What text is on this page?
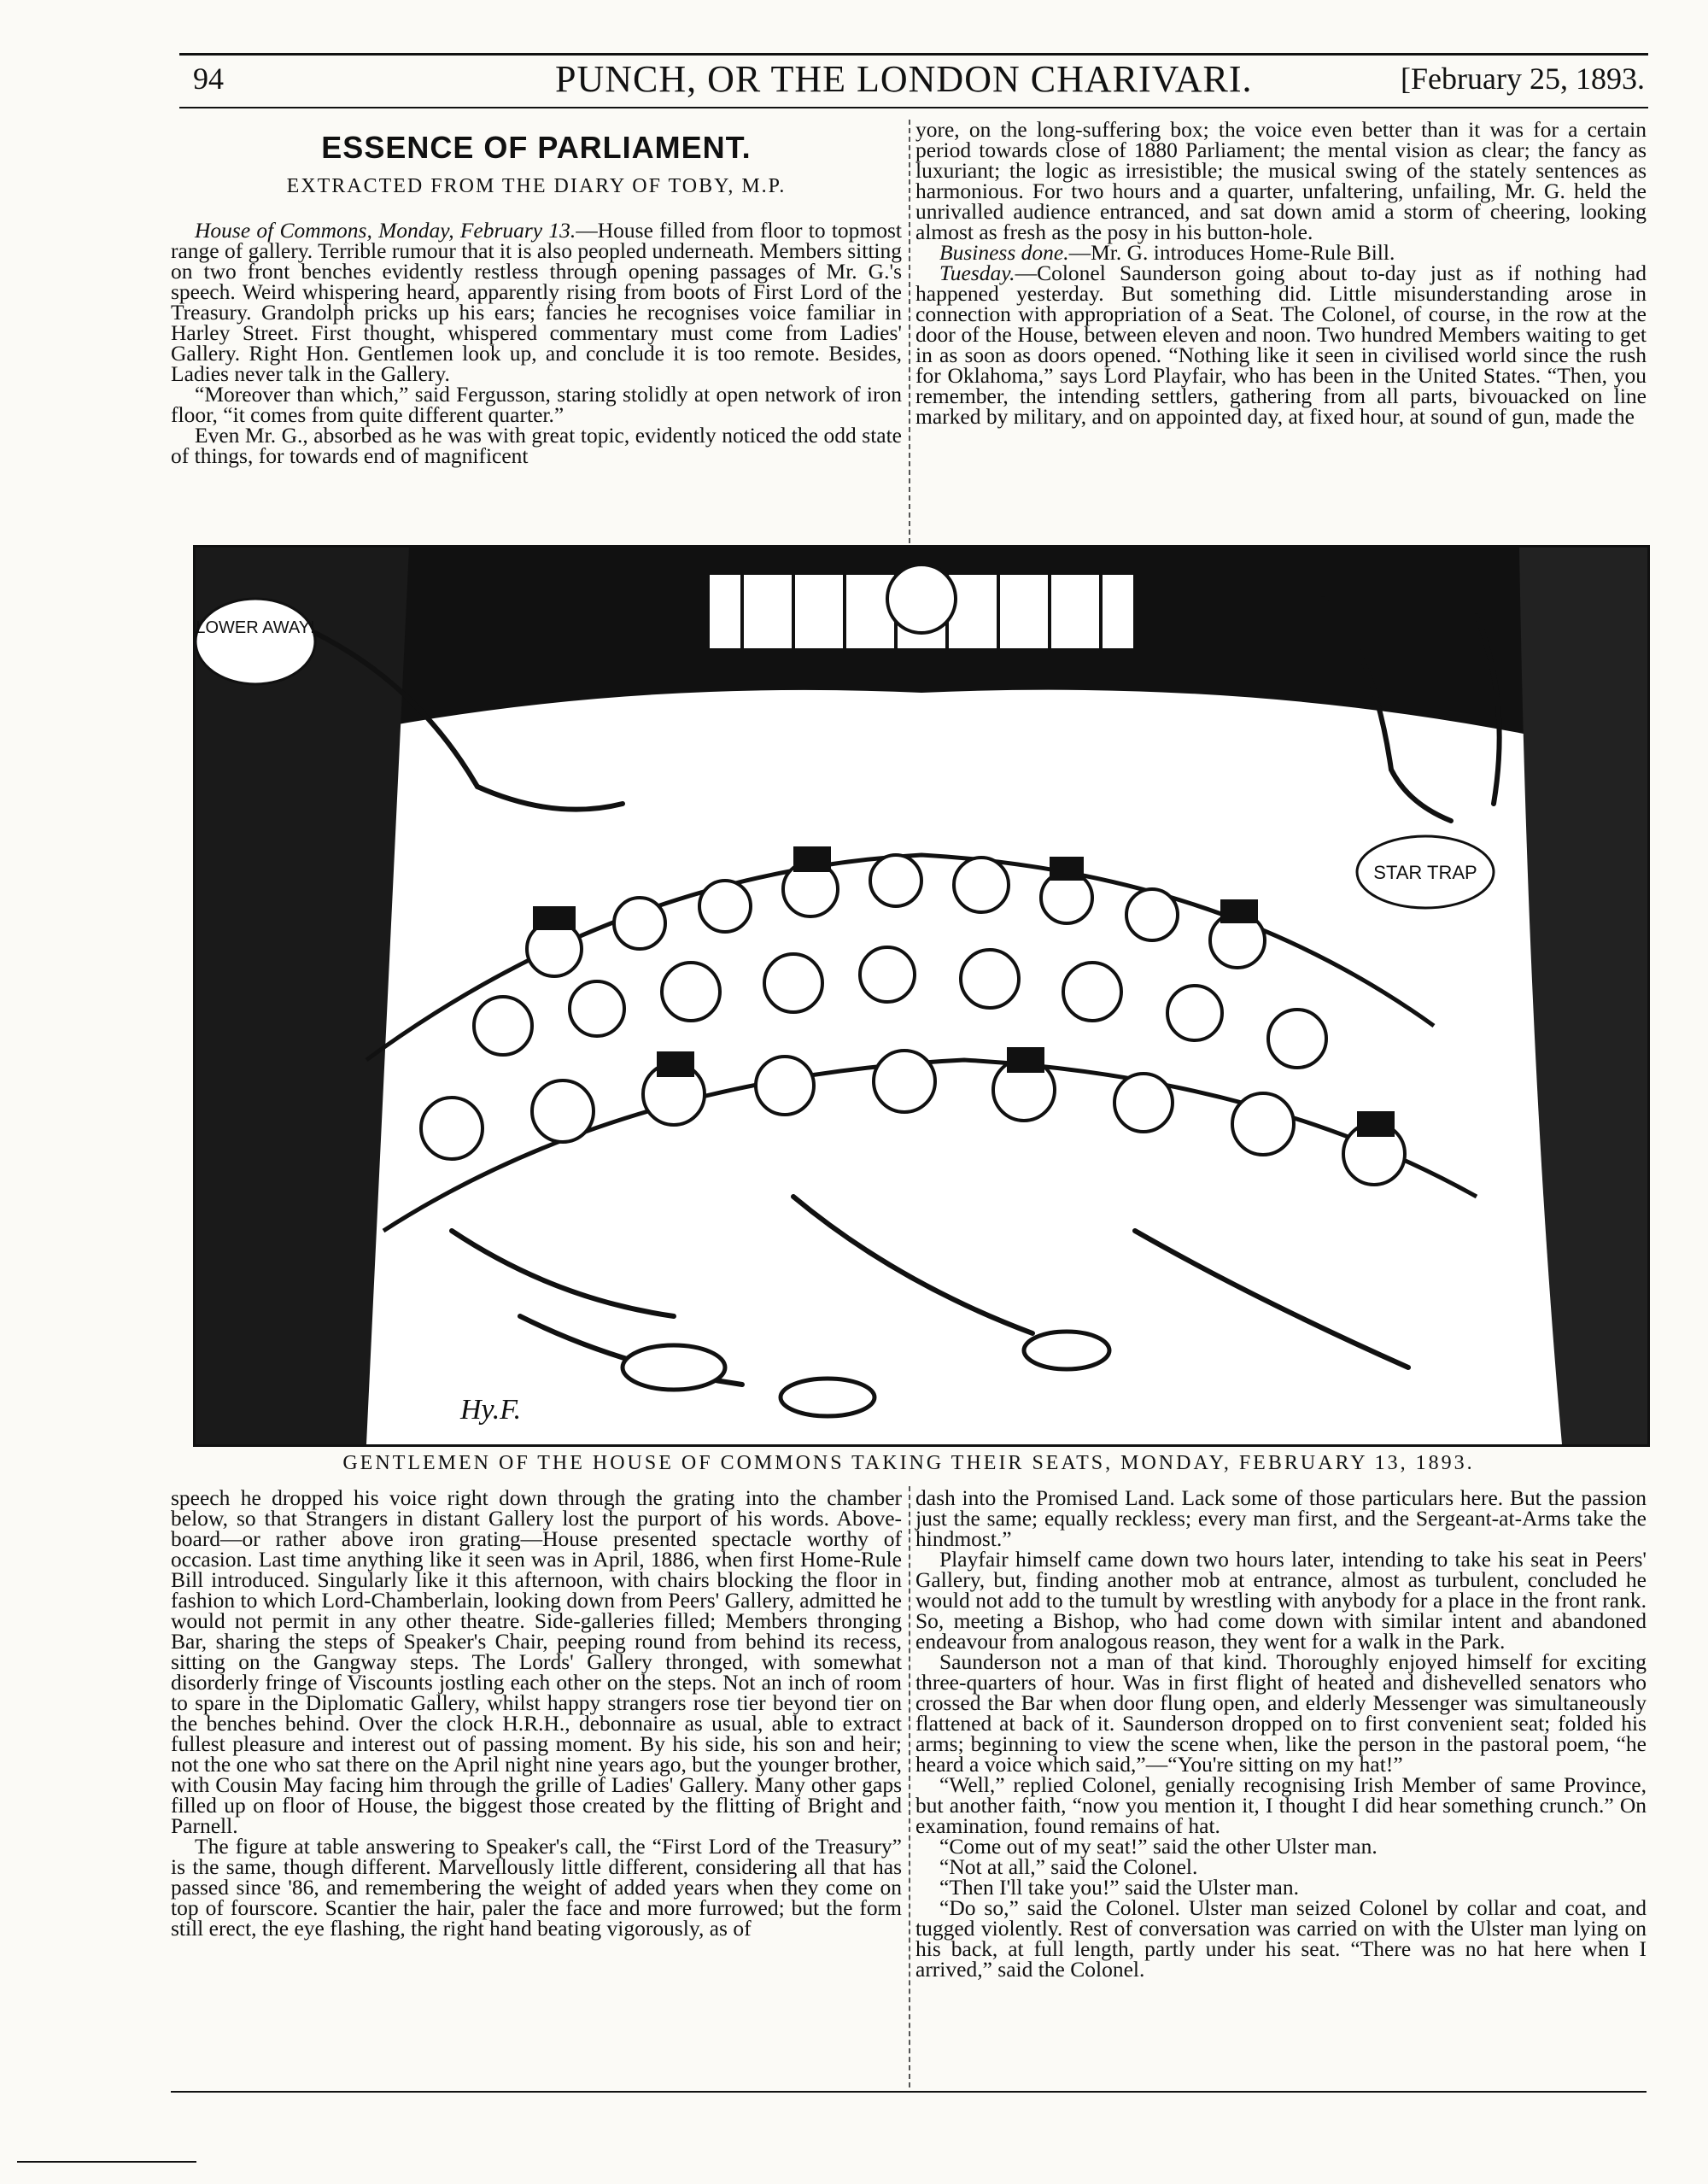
94	PUNCH, OR THE LONDON CHARIVARI.	[February 25, 1893.
ESSENCE OF PARLIAMENT.
EXTRACTED FROM THE DIARY OF TOBY, M.P.

House of Commons, Monday, February 13.—House filled from floor to topmost range of gallery. Terrible rumour that it is also peopled underneath. Members sitting on two front benches evidently restless through opening passages of Mr. G.'s speech. Weird whispering heard, apparently rising from boots of First Lord of the Treasury. Grandolph pricks up his ears; fancies he recognises voice familiar in Harley Street. First thought, whispered commentary must come from Ladies' Gallery. Right Hon. Gentlemen look up, and conclude it is too remote. Besides, Ladies never talk in the Gallery.

“Moreover than which,” said Fergusson, staring stolidly at open network of iron floor, “it comes from quite different quarter.”

Even Mr. G., absorbed as he was with great topic, evidently noticed the odd state of things, for towards end of magnificent

yore, on the long-suffering box; the voice even better than it was for a certain period towards close of 1880 Parliament; the mental vision as clear; the fancy as luxuriant; the logic as irresistible; the musical swing of the stately sentences as harmonious. For two hours and a quarter, unfaltering, unfailing, Mr. G. held the unrivalled audience entranced, and sat down amid a storm of cheering, looking almost as fresh as the posy in his button-hole.

Business done.—Mr. G. introduces Home-Rule Bill.

Tuesday.—Colonel Saunderson going about to-day just as if nothing had happened yesterday. But something did. Little misunderstanding arose in connection with appropriation of a Seat. The Colonel, of course, in the row at the door of the House, between eleven and noon. Two hundred Members waiting to get in as soon as doors opened. “Nothing like it seen in civilised world since the rush for Oklahoma,” says Lord Playfair, who has been in the United States. “Then, you remember, the intending settlers, gathering from all parts, bivouacked on line marked by military, and on appointed day, at fixed hour, at sound of gun, made the

LOWER AWAY!
STAR TRAP
Hy.F.
GENTLEMEN OF THE HOUSE OF COMMONS TAKING THEIR SEATS, MONDAY, FEBRUARY 13, 1893.

speech he dropped his voice right down through the grating into the chamber below, so that Strangers in distant Gallery lost the purport of his words. Above-board—or rather above iron grating—House presented spectacle worthy of occasion. Last time anything like it seen was in April, 1886, when first Home-Rule Bill introduced. Singularly like it this afternoon, with chairs blocking the floor in fashion to which Lord-Chamberlain, looking down from Peers' Gallery, admitted he would not permit in any other theatre. Side-galleries filled; Members thronging Bar, sharing the steps of Speaker's Chair, peeping round from behind its recess, sitting on the Gangway steps. The Lords' Gallery thronged, with somewhat disorderly fringe of Viscounts jostling each other on the steps. Not an inch of room to spare in the Diplomatic Gallery, whilst happy strangers rose tier beyond tier on the benches behind. Over the clock H.R.H., debonnaire as usual, able to extract fullest pleasure and interest out of passing moment. By his side, his son and heir; not the one who sat there on the April night nine years ago, but the younger brother, with Cousin May facing him through the grille of Ladies' Gallery. Many other gaps filled up on floor of House, the biggest those created by the flitting of Bright and Parnell.

The figure at table answering to Speaker's call, the “First Lord of the Treasury” is the same, though different. Marvellously little different, considering all that has passed since '86, and remembering the weight of added years when they come on top of fourscore. Scantier the hair, paler the face and more furrowed; but the form still erect, the eye flashing, the right hand beating vigorously, as of

dash into the Promised Land. Lack some of those particulars here. But the passion just the same; equally reckless; every man first, and the Sergeant-at-Arms take the hindmost.”

Playfair himself came down two hours later, intending to take his seat in Peers' Gallery, but, finding another mob at entrance, almost as turbulent, concluded he would not add to the tumult by wrestling with anybody for a place in the front rank. So, meeting a Bishop, who had come down with similar intent and abandoned endeavour from analogous reason, they went for a walk in the Park.

Saunderson not a man of that kind. Thoroughly enjoyed himself for exciting three-quarters of hour. Was in first flight of heated and dishevelled senators who crossed the Bar when door flung open, and elderly Messenger was simultaneously flattened at back of it. Saunderson dropped on to first convenient seat; folded his arms; beginning to view the scene when, like the person in the pastoral poem, “he heard a voice which said,”—“You're sitting on my hat!”

“Well,” replied Colonel, genially recognising Irish Member of same Province, but another faith, “now you mention it, I thought I did hear something crunch.” On examination, found remains of hat.

“Come out of my seat!” said the other Ulster man.

“Not at all,” said the Colonel.

“Then I'll take you!” said the Ulster man.

“Do so,” said the Colonel. Ulster man seized Colonel by collar and coat, and tugged violently. Rest of conversation was carried on with the Ulster man lying on his back, at full length, partly under his seat. “There was no hat here when I arrived,” said the Colonel.
